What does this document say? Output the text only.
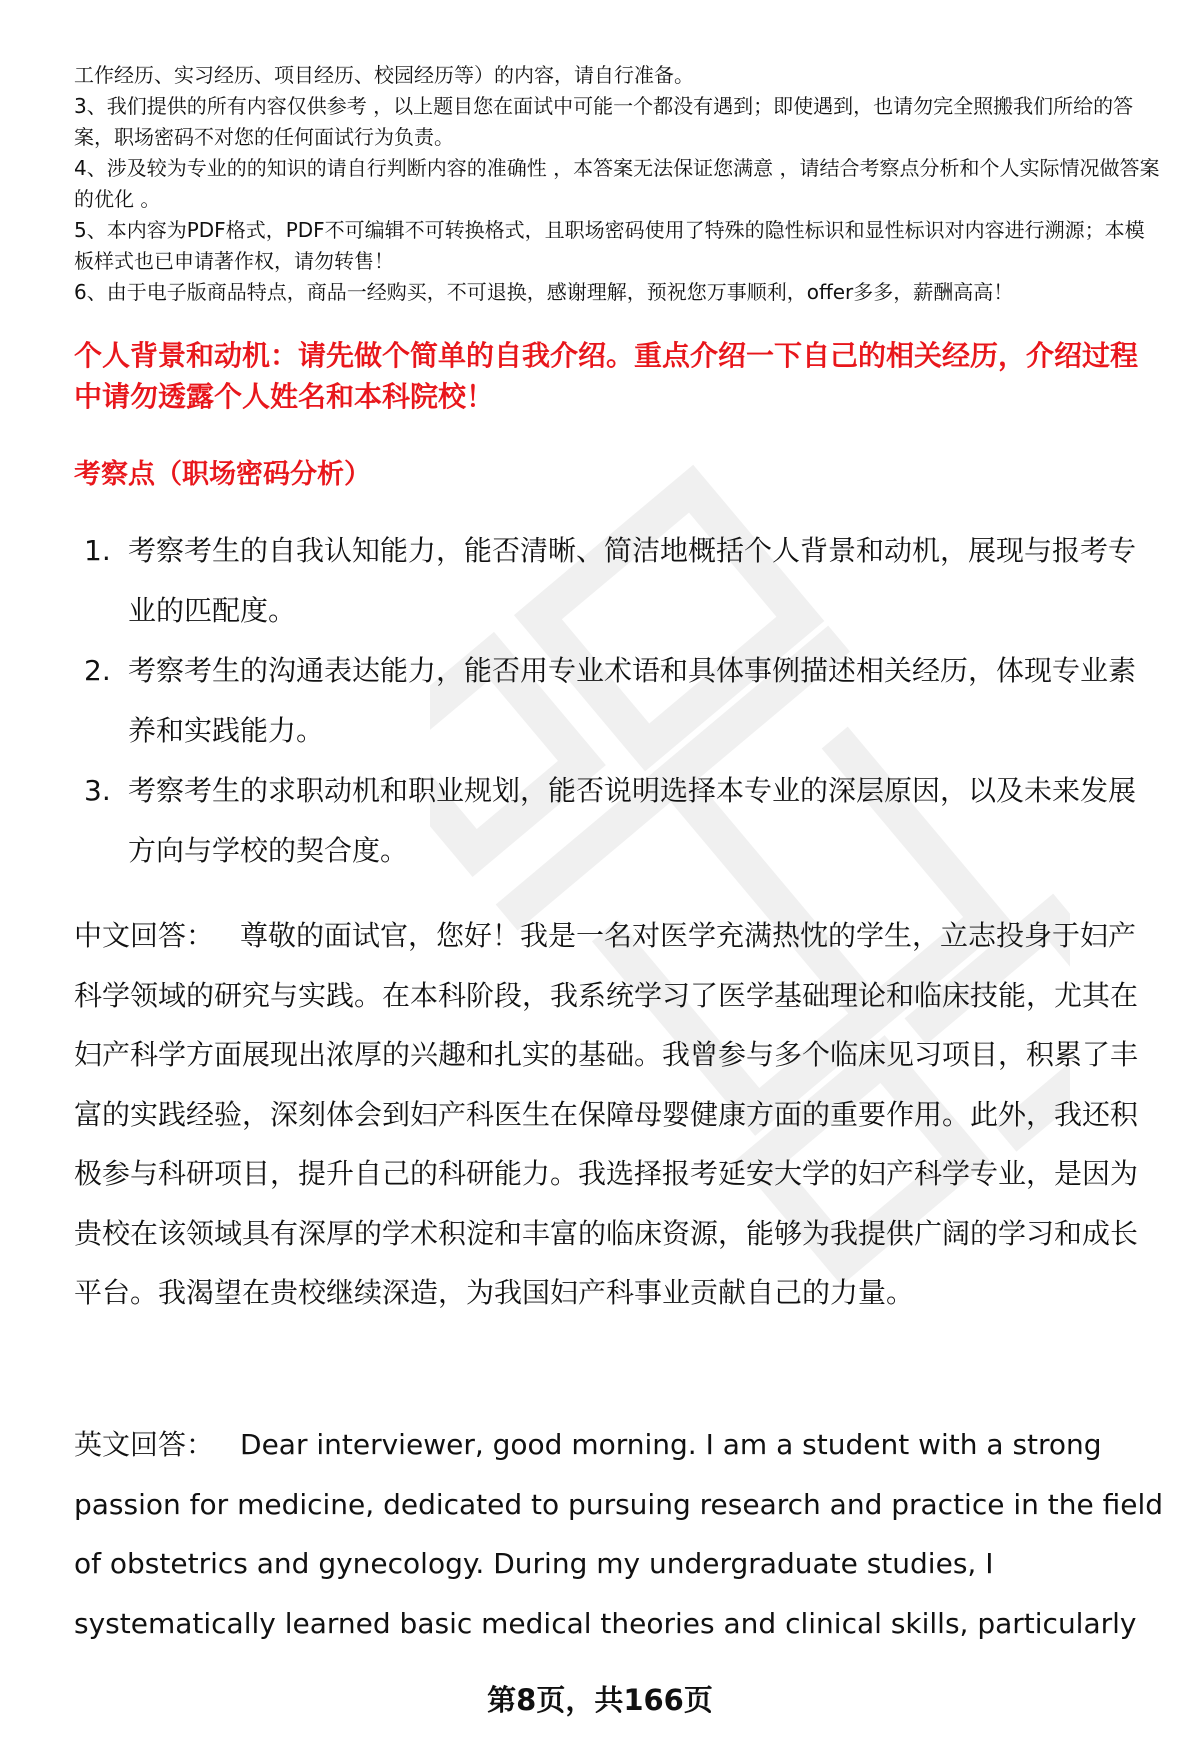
工作经历、实习经历、项目经历、校园经历等）的内容，请自行准备。

3、我们提供的所有内容仅供参考 ，以上题目您在面试中可能一个都没有遇到；即使遇到，也请勿完全照搬我们所给的答案，职场密码不对您的任何面试行为负责。

4、涉及较为专业的的知识的请自行判断内容的准确性 ，本答案无法保证您满意 ，请结合考察点分析和个人实际情况做答案的优化 。

5、本内容为PDF格式，PDF不可编辑不可转换格式，且职场密码使用了特殊的隐性标识和显性标识对内容进行溯源；本模板样式也已申请著作权，请勿转售！

6、由于电子版商品特点，商品一经购买，不可退换，感谢理解，预祝您万事顺利，offer多多，薪酬高高！

个人背景和动机：请先做个简单的自我介绍。重点介绍一下自己的相关经历，介绍过程中请勿透露个人姓名和本科院校！
考察点（职场密码分析）
1. 考察考生的自我认知能力，能否清晰、简洁地概括个人背景和动机，展现与报考专业的匹配度。
2. 考察考生的沟通表达能力，能否用专业术语和具体事例描述相关经历，体现专业素养和实践能力。
3. 考察考生的求职动机和职业规划，能否说明选择本专业的深层原因，以及未来发展方向与学校的契合度。

中文回答： 尊敬的面试官，您好！我是一名对医学充满热忱的学生，立志投身于妇产科学领域的研究与实践。在本科阶段，我系统学习了医学基础理论和临床技能，尤其在妇产科学方面展现出浓厚的兴趣和扎实的基础。我曾参与多个临床见习项目，积累了丰富的实践经验，深刻体会到妇产科医生在保障母婴健康方面的重要作用。此外，我还积极参与科研项目，提升自己的科研能力。我选择报考延安大学的妇产科学专业，是因为贵校在该领域具有深厚的学术积淀和丰富的临床资源，能够为我提供广阔的学习和成长平台。我渴望在贵校继续深造，为我国妇产科事业贡献自己的力量。

英文回答： Dear interviewer, good morning. I am a student with a strong passion for medicine, dedicated to pursuing research and practice in the field of obstetrics and gynecology. During my undergraduate studies, I systematically learned basic medical theories and clinical skills, particularly

第8页，共166页
